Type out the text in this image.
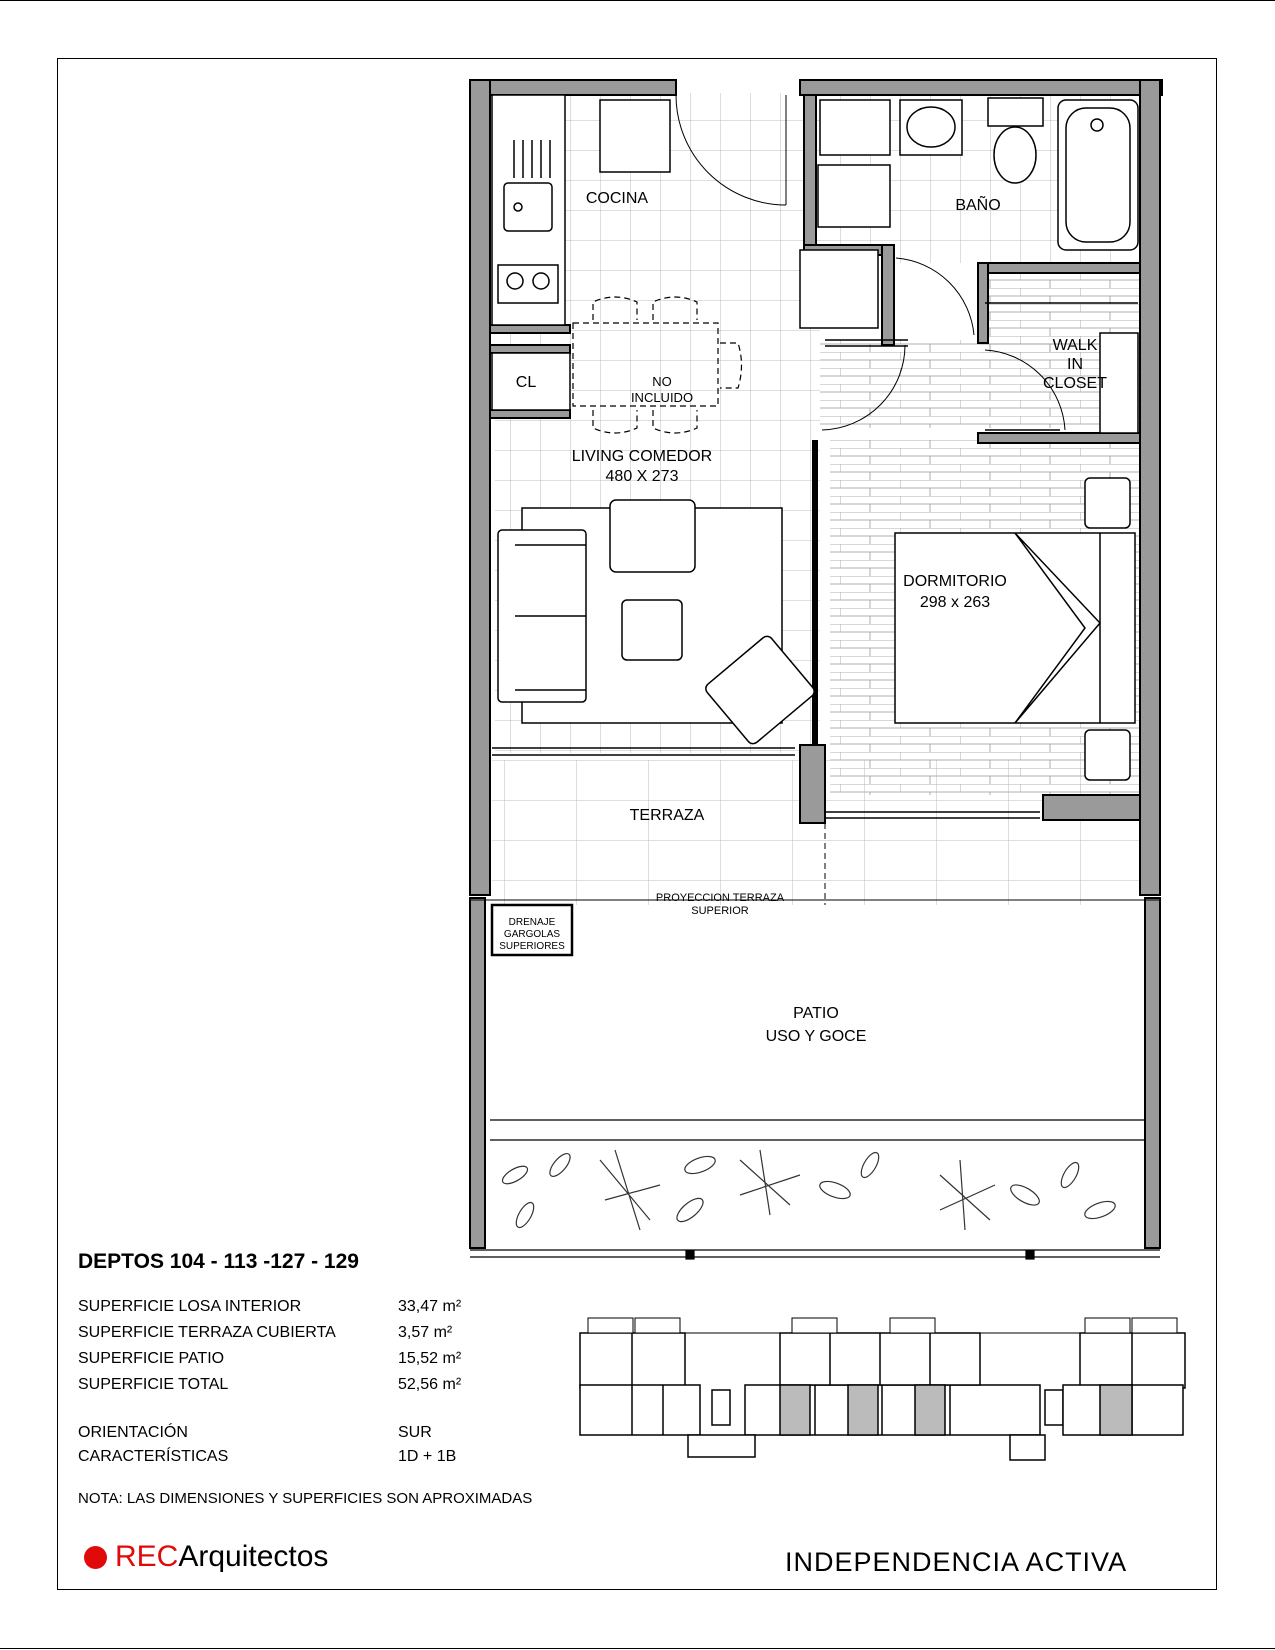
COCINA	BAÑO
WALK
IN
CLOSET
CL	NO
INCLUIDO
LIVING COMEDOR
480 X 273
DORMITORIO
298 x 263
TERRAZA
PROYECCION TERRAZA
SUPERIOR
DRENAJE
GARGOLAS
SUPERIORES
PATIO
USO Y GOCE
DEPTOS 104 - 113 -127 - 129
SUPERFICIE LOSA INTERIOR	33,47 m²
SUPERFICIE TERRAZA CUBIERTA	3,57 m²
SUPERFICIE PATIO	15,52 m²
SUPERFICIE TOTAL	52,56 m²
ORIENTACIÓN	SUR
CARACTERÍSTICAS	1D + 1B
NOTA: LAS DIMENSIONES Y SUPERFICIES SON APROXIMADAS
RECArquitectos	INDEPENDENCIA ACTIVA
